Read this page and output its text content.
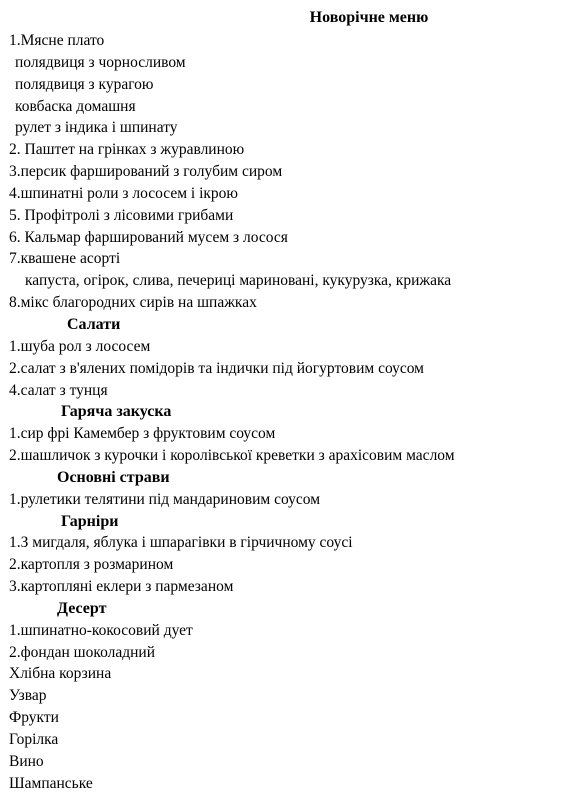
Новорічне меню
1.Мясне плато
полядвиця з чорносливом
полядвиця з курагою
ковбаска домашня
рулет з індика і шпинату
2. Паштет на грінках з журавлиною
3.персик фарширований з голубим сиром
4.шпинатні роли з лососем і ікрою
5. Профітролі з лісовими грибами
6. Кальмар фарширований мусем з лосося
7.квашене асорті
капуста, огірок, слива, печериці мариновані, кукурузка, крижака
8.мікс благородних сирів на шпажках
Салати
1.шуба рол з лососем
2.салат з в'ялених помідорів та індички під йогуртовим соусом
4.салат з тунця
Гаряча закуска
1.сир фрі Камембер з фруктовим соусом
2.шашличок з курочки і королівської креветки з арахісовим маслом
Основні страви
1.рулетики телятини під мандариновим соусом
Гарніри
1.З мигдаля, яблука і шпарагівки в гірчичному соусі
2.картопля з розмарином
3.картопляні еклери з пармезаном
Десерт
1.шпинатно-кокосовий дует
2.фондан шоколадний
Хлібна корзина
Узвар
Фрукти
Горілка
Вино
Шампанське
